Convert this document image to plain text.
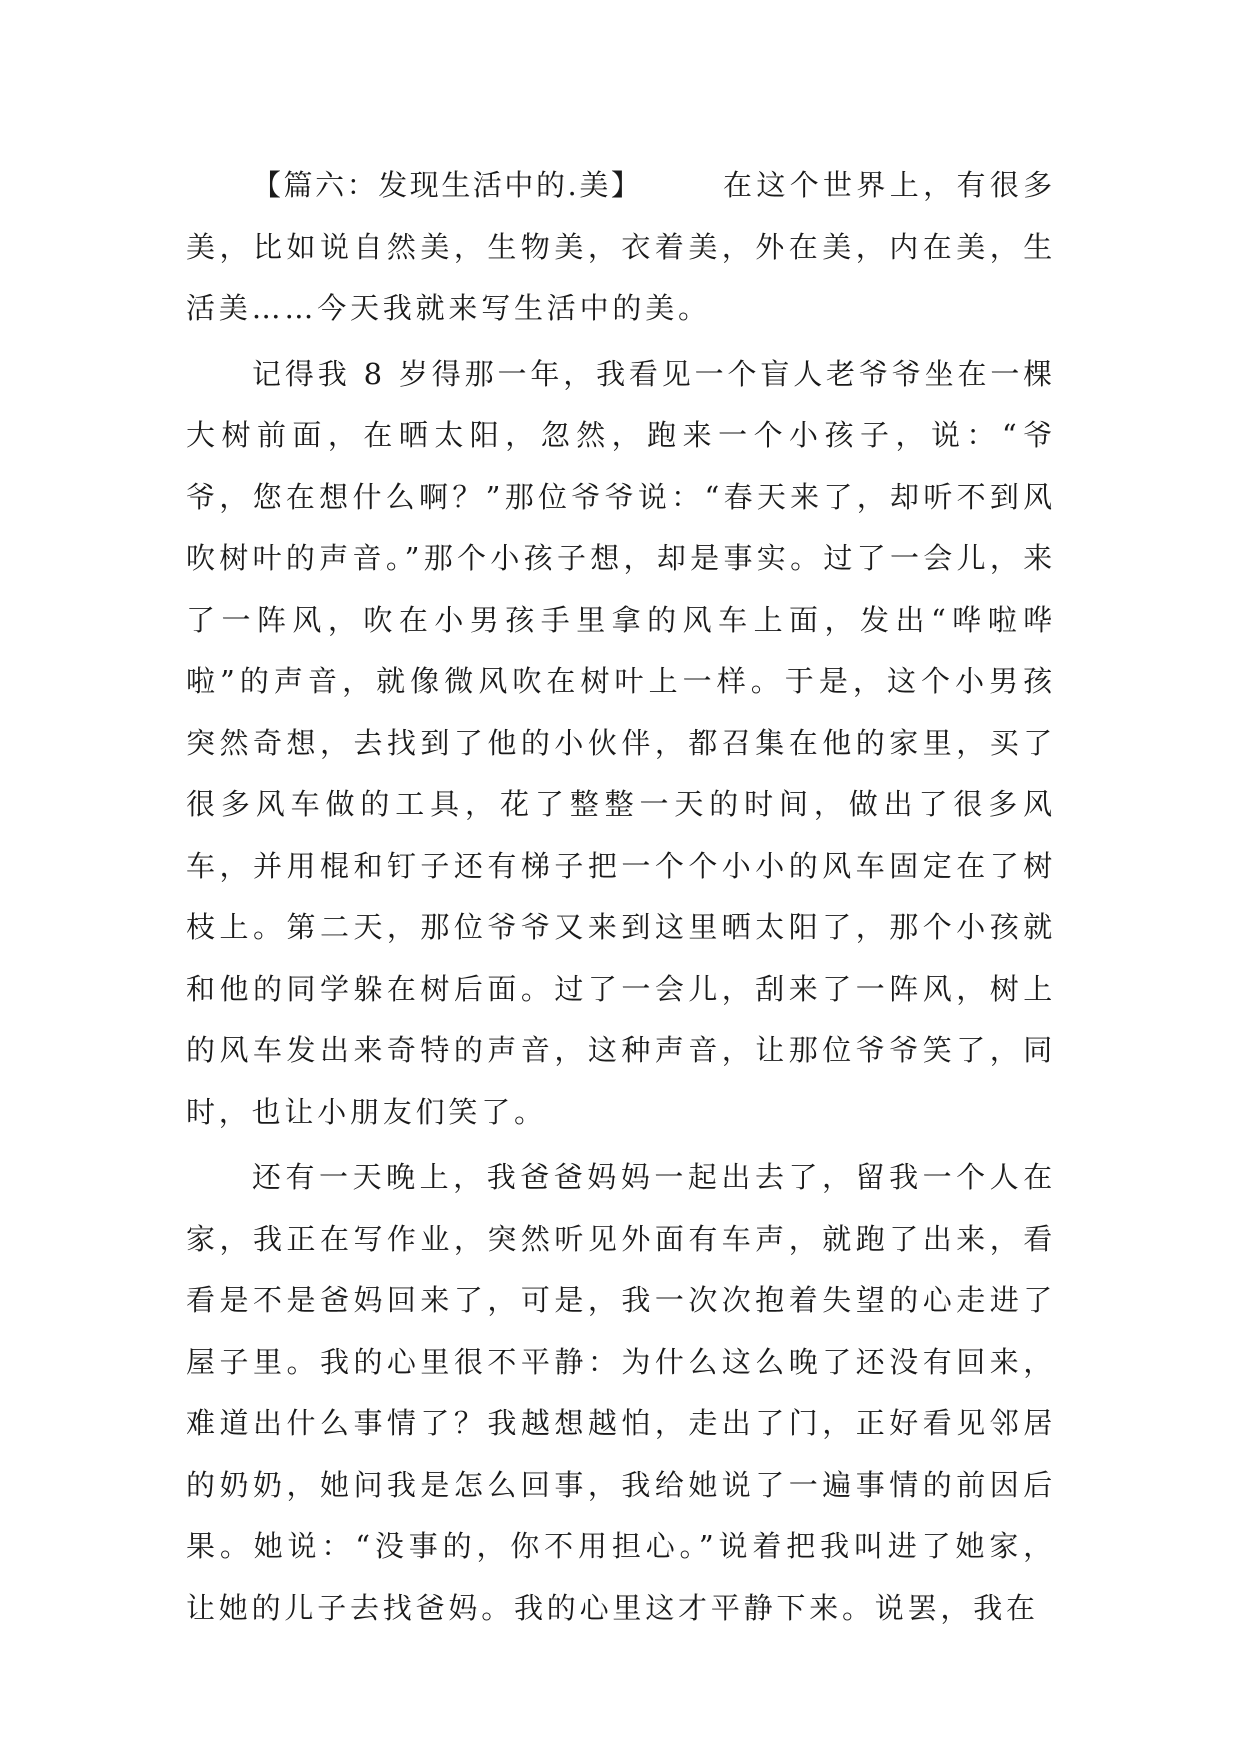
【篇六：发现生活中的.美】	在这个世界上，有很多美，比如说自然美，生物美，衣着美，外在美，内在美，生活美……今天我就来写生活中的美。

记得我 8 岁得那一年，我看见一个盲人老爷爷坐在一棵大树前面，在晒太阳，忽然，跑来一个小孩子，说：“爷爷，您在想什么啊？”那位爷爷说：“春天来了，却听不到风吹树叶的声音。”那个小孩子想，却是事实。过了一会儿，来了一阵风，吹在小男孩手里拿的风车上面，发出“哗啦哗啦”的声音，就像微风吹在树叶上一样。于是，这个小男孩突然奇想，去找到了他的小伙伴，都召集在他的家里，买了很多风车做的工具，花了整整一天的时间，做出了很多风车，并用棍和钉子还有梯子把一个个小小的风车固定在了树枝上。第二天，那位爷爷又来到这里晒太阳了，那个小孩就和他的同学躲在树后面。过了一会儿，刮来了一阵风，树上的风车发出来奇特的声音，这种声音，让那位爷爷笑了，同时，也让小朋友们笑了。

还有一天晚上，我爸爸妈妈一起出去了，留我一个人在家，我正在写作业，突然听见外面有车声，就跑了出来，看看是不是爸妈回来了，可是，我一次次抱着失望的心走进了屋子里。我的心里很不平静：为什么这么晚了还没有回来，难道出什么事情了？我越想越怕，走出了门，正好看见邻居的奶奶，她问我是怎么回事，我给她说了一遍事情的前因后果。她说：“没事的，你不用担心。”说着把我叫进了她家，让她的儿子去找爸妈。我的心里这才平静下来。说罢，我在
